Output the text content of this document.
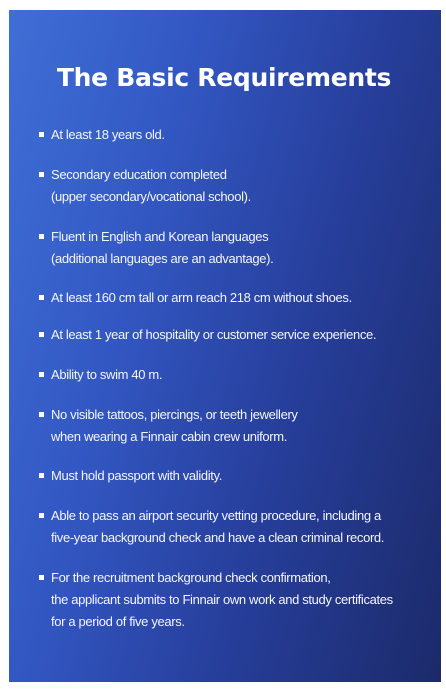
The Basic Requirements
At least 18 years old.
Secondary education completed
(upper secondary/vocational school).
Fluent in English and Korean languages
(additional languages are an advantage).
At least 160 cm tall or arm reach 218 cm without shoes.
At least 1 year of hospitality or customer service experience.
Ability to swim 40 m.
No visible tattoos, piercings, or teeth jewellery
when wearing a Finnair cabin crew uniform.
Must hold passport with validity.
Able to pass an airport security vetting procedure, including a
five-year background check and have a clean criminal record.
For the recruitment background check confirmation,
the applicant submits to Finnair own work and study certificates
for a period of five years.
